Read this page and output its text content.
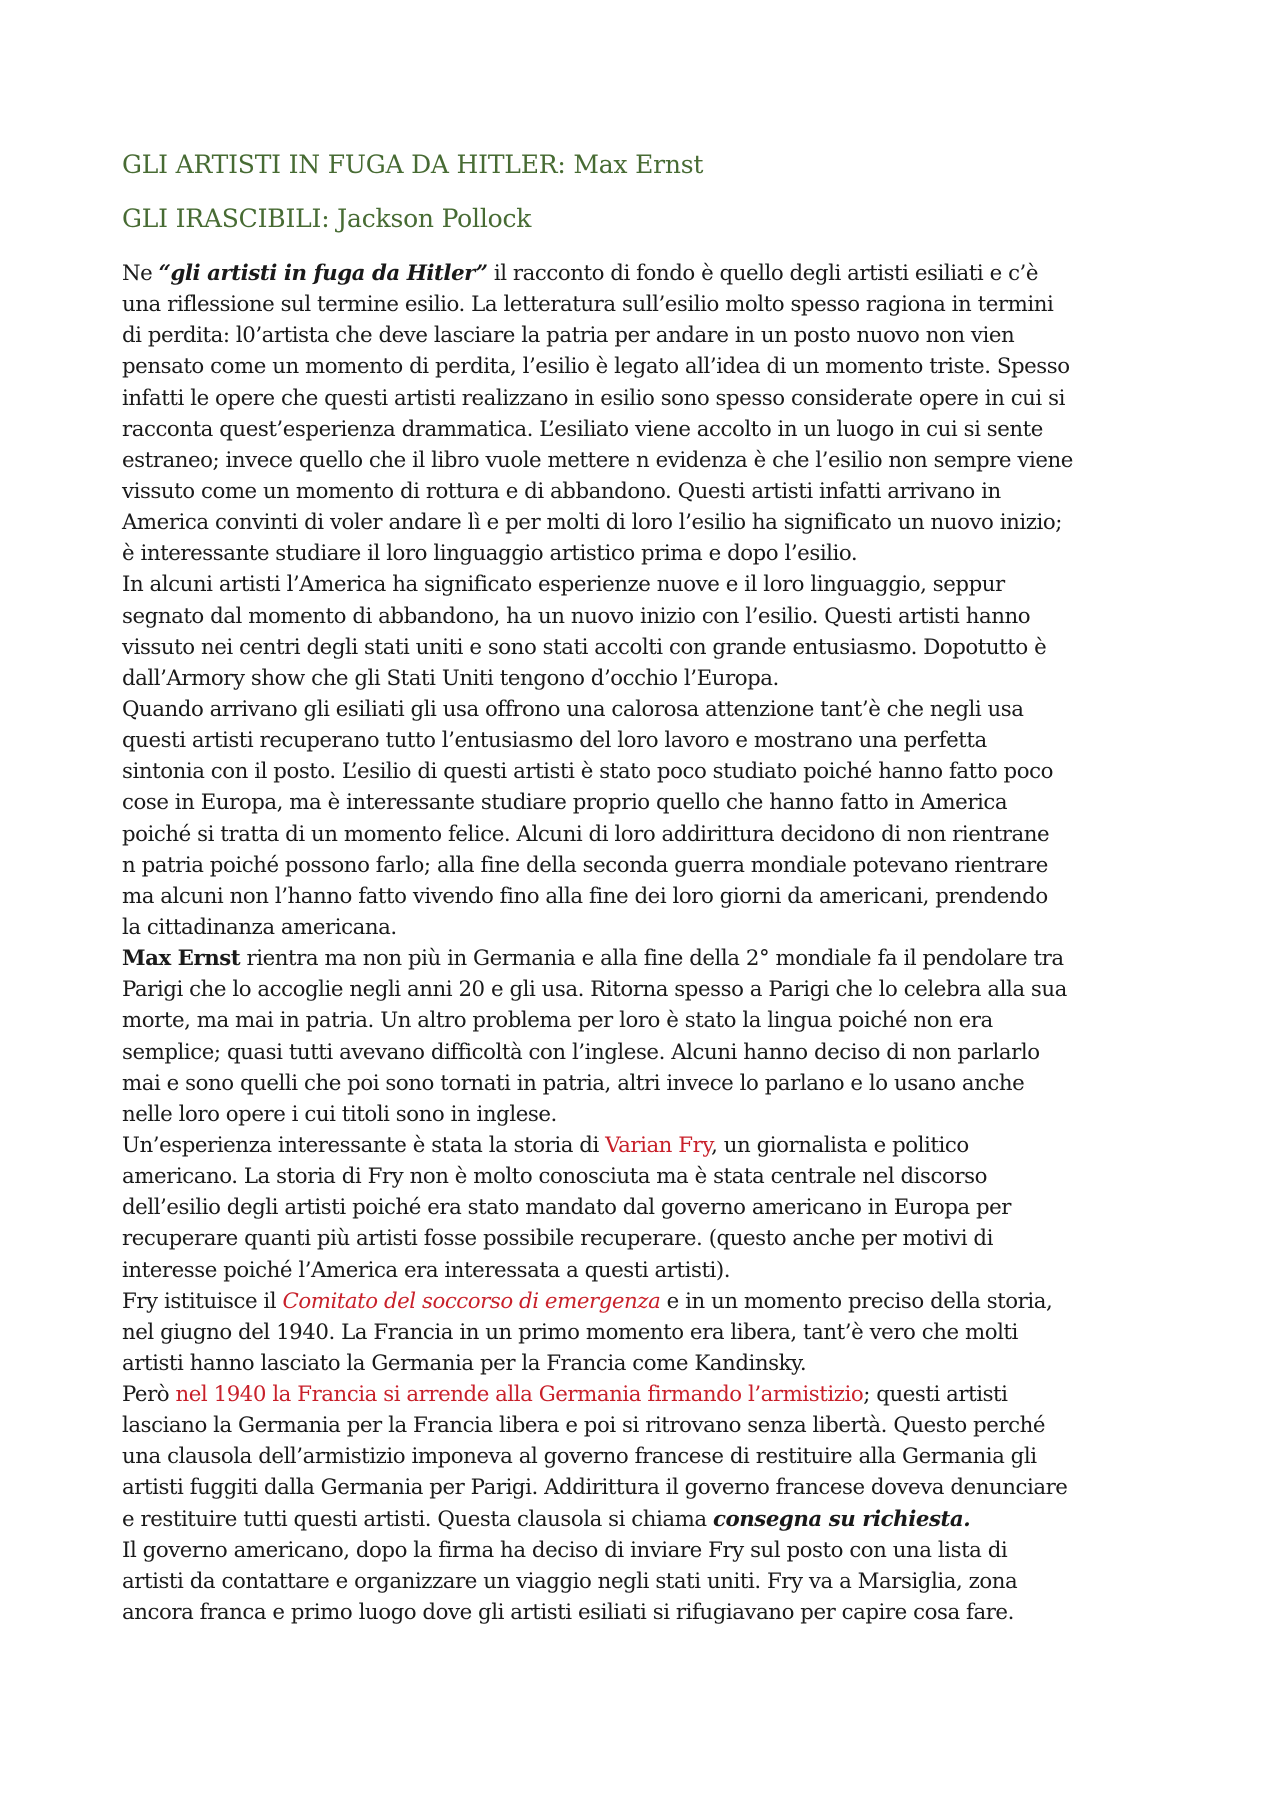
GLI ARTISTI IN FUGA DA HITLER: Max Ernst
GLI IRASCIBILI: Jackson Pollock
Ne “gli artisti in fuga da Hitler” il racconto di fondo è quello degli artisti esiliati e c’è
una riflessione sul termine esilio. La letteratura sull’esilio molto spesso ragiona in termini
di perdita: l0’artista che deve lasciare la patria per andare in un posto nuovo non vien
pensato come un momento di perdita, l’esilio è legato all’idea di un momento triste. Spesso
infatti le opere che questi artisti realizzano in esilio sono spesso considerate opere in cui si
racconta quest’esperienza drammatica. L’esiliato viene accolto in un luogo in cui si sente
estraneo; invece quello che il libro vuole mettere n evidenza è che l’esilio non sempre viene
vissuto come un momento di rottura e di abbandono. Questi artisti infatti arrivano in
America convinti di voler andare lì e per molti di loro l’esilio ha significato un nuovo inizio;
è interessante studiare il loro linguaggio artistico prima e dopo l’esilio.
In alcuni artisti l’America ha significato esperienze nuove e il loro linguaggio, seppur
segnato dal momento di abbandono, ha un nuovo inizio con l’esilio. Questi artisti hanno
vissuto nei centri degli stati uniti e sono stati accolti con grande entusiasmo. Dopotutto è
dall’Armory show che gli Stati Uniti tengono d’occhio l’Europa.
Quando arrivano gli esiliati gli usa offrono una calorosa attenzione tant’è che negli usa
questi artisti recuperano tutto l’entusiasmo del loro lavoro e mostrano una perfetta
sintonia con il posto. L’esilio di questi artisti è stato poco studiato poiché hanno fatto poco
cose in Europa, ma è interessante studiare proprio quello che hanno fatto in America
poiché si tratta di un momento felice. Alcuni di loro addirittura decidono di non rientrane
n patria poiché possono farlo; alla fine della seconda guerra mondiale potevano rientrare
ma alcuni non l’hanno fatto vivendo fino alla fine dei loro giorni da americani, prendendo
la cittadinanza americana.
Max Ernst rientra ma non più in Germania e alla fine della 2° mondiale fa il pendolare tra
Parigi che lo accoglie negli anni 20 e gli usa. Ritorna spesso a Parigi che lo celebra alla sua
morte, ma mai in patria. Un altro problema per loro è stato la lingua poiché non era
semplice; quasi tutti avevano difficoltà con l’inglese. Alcuni hanno deciso di non parlarlo
mai e sono quelli che poi sono tornati in patria, altri invece lo parlano e lo usano anche
nelle loro opere i cui titoli sono in inglese.
Un’esperienza interessante è stata la storia di Varian Fry, un giornalista e politico
americano. La storia di Fry non è molto conosciuta ma è stata centrale nel discorso
dell’esilio degli artisti poiché era stato mandato dal governo americano in Europa per
recuperare quanti più artisti fosse possibile recuperare. (questo anche per motivi di
interesse poiché l’America era interessata a questi artisti).
Fry istituisce il Comitato del soccorso di emergenza e in un momento preciso della storia,
nel giugno del 1940. La Francia in un primo momento era libera, tant’è vero che molti
artisti hanno lasciato la Germania per la Francia come Kandinsky.
Però nel 1940 la Francia si arrende alla Germania firmando l’armistizio; questi artisti
lasciano la Germania per la Francia libera e poi si ritrovano senza libertà. Questo perché
una clausola dell’armistizio imponeva al governo francese di restituire alla Germania gli
artisti fuggiti dalla Germania per Parigi. Addirittura il governo francese doveva denunciare
e restituire tutti questi artisti. Questa clausola si chiama consegna su richiesta.
Il governo americano, dopo la firma ha deciso di inviare Fry sul posto con una lista di
artisti da contattare e organizzare un viaggio negli stati uniti. Fry va a Marsiglia, zona
ancora franca e primo luogo dove gli artisti esiliati si rifugiavano per capire cosa fare.
